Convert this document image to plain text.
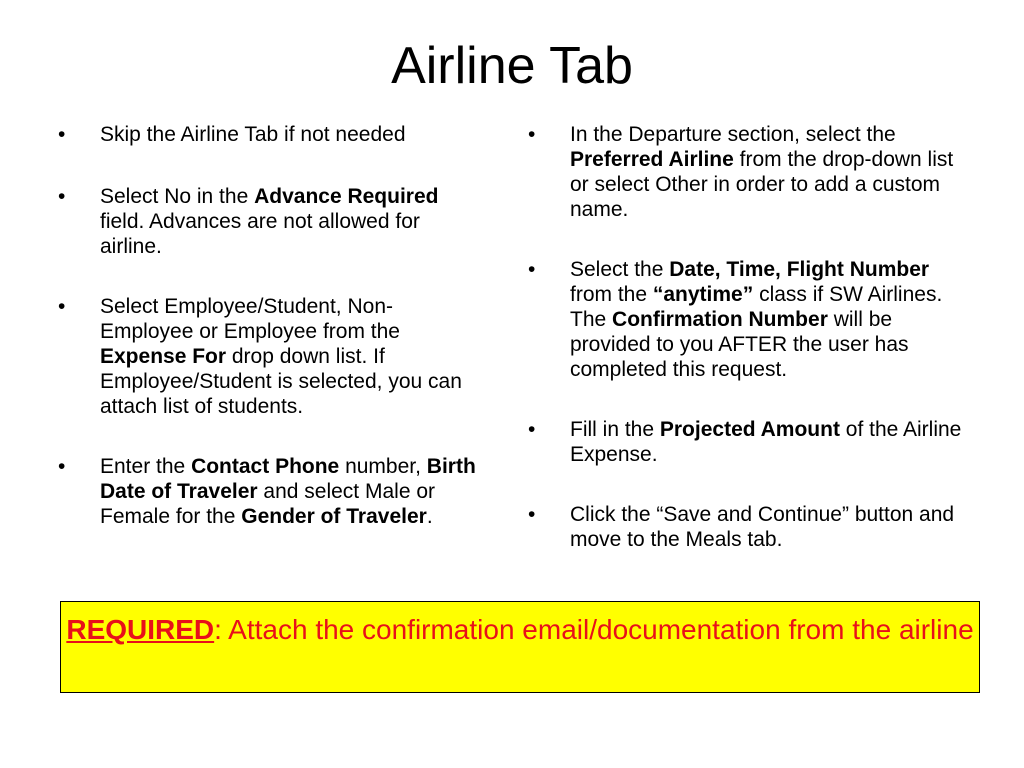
Airline Tab
•	Skip the Airline Tab if not needed
•	Select No in the Advance Required field. Advances are not allowed for airline.
•	Select Employee/Student, Non-Employee or Employee from the Expense For drop down list. If Employee/Student is selected, you can attach list of students.
•	Enter the Contact Phone number, Birth Date of Traveler and select Male or Female for the Gender of Traveler.
•	In the Departure section, select the Preferred Airline from the drop-down list or select Other in order to add a custom name.
•	Select the Date, Time, Flight Number from the “anytime” class if SW Airlines. The Confirmation Number will be provided to you AFTER the user has completed this request.
•	Fill in the Projected Amount of the Airline Expense.
•	Click the “Save and Continue” button and move to the Meals tab.
REQUIRED: Attach the confirmation email/documentation from the airline
